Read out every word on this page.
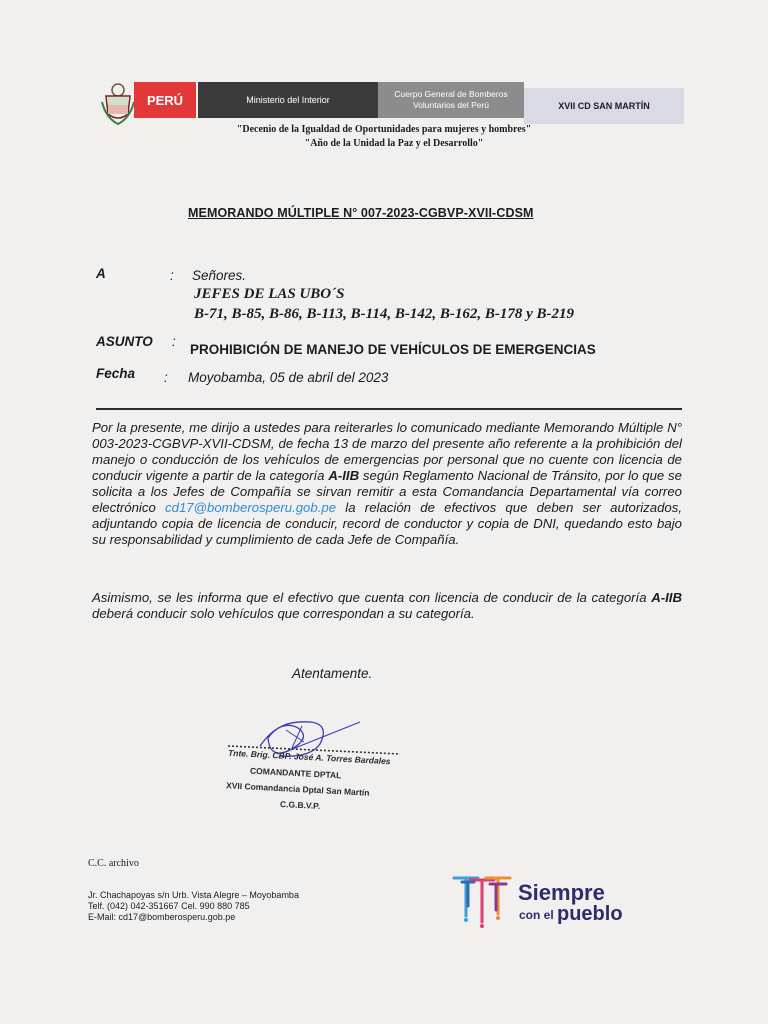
PERÚ	Ministerio del Interior
Cuerpo General de Bomberos
Voluntarios del Perú	XVII CD SAN MARTÍN
"Decenio de la Igualdad de Oportunidades para mujeres y hombres"
"Año de la Unidad la Paz y el Desarrollo"
MEMORANDO MÚLTIPLE N° 007-2023-CGBVP-XVII-CDSM
A	: Señores.
JEFES DE LAS UBO´S
B-71, B-85, B-86, B-113, B-114, B-142, B-162, B-178 y B-219
ASUNTO :
PROHIBICIÓN DE MANEJO DE VEHÍCULOS DE EMERGENCIAS
Fecha : Moyobamba, 05 de abril del 2023
Por la presente, me dirijo a ustedes para reiterarles lo comunicado mediante Memorando Múltiple N° 003-2023-CGBVP-XVII-CDSM, de fecha 13 de marzo del presente año referente a la prohibición del manejo o conducción de los vehículos de emergencias por personal que no cuente con licencia de conducir vigente a partir de la categoría A-IIB según Reglamento Nacional de Tránsito, por lo que se solicita a los Jefes de Compañía se sirvan remitir a esta Comandancia Departamental vía correo electrónico cd17@bomberosperu.gob.pe la relación de efectivos que deben ser autorizados, adjuntando copia de licencia de conducir, record de conductor y copia de DNI, quedando esto bajo su responsabilidad y cumplimiento de cada Jefe de Compañía.
Asimismo, se les informa que el efectivo que cuenta con licencia de conducir de la categoría A-IIB deberá conducir solo vehículos que correspondan a su categoría.
Atentamente.
Tnte. Brig. CBP. José A. Torres Bardales
COMANDANTE DPTAL
XVII Comandancia Dptal San Martín
C.G.B.V.P.
C.C. archivo
Jr. Chachapoyas s/n Urb. Vista Alegre – Moyobamba
Telf. (042) 042-351667 Cel. 990 880 785
E-Mail: cd17@bomberosperu.gob.pe
Siempre
con el pueblo
